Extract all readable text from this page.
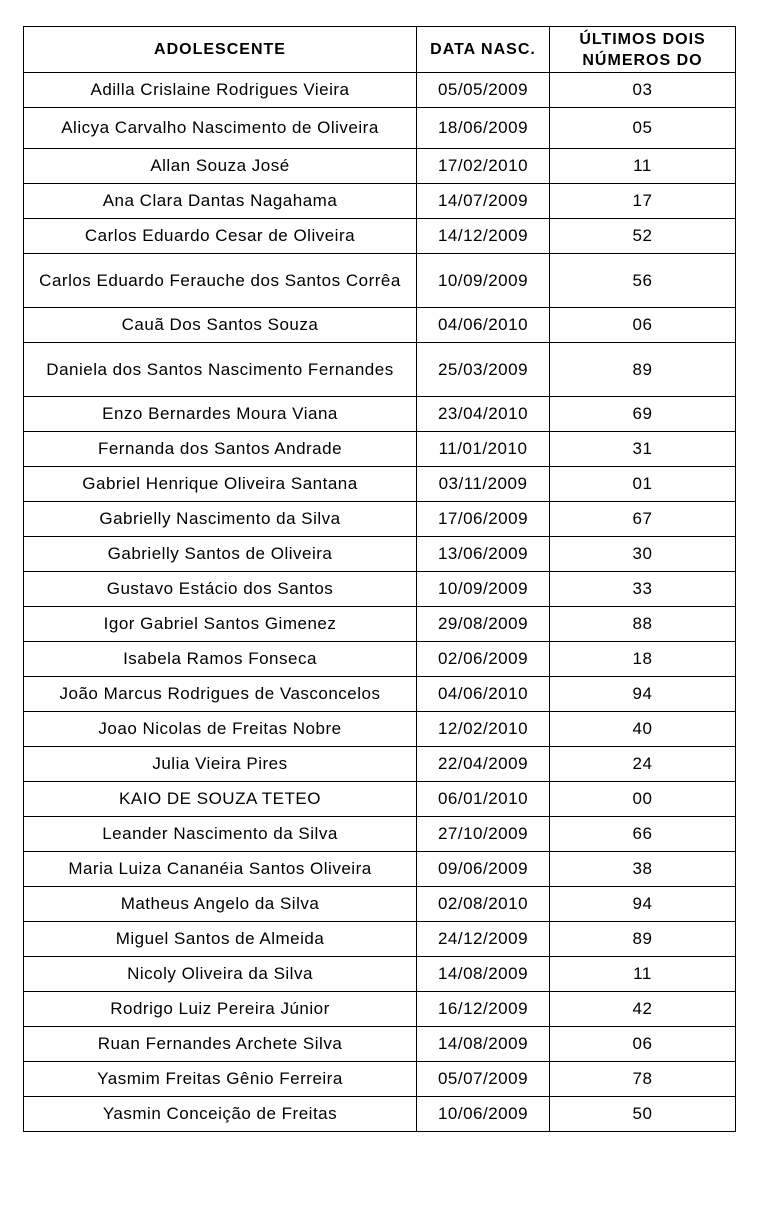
ADOLESCENTE	DATA NASC.	ÚLTIMOS DOIS
NÚMEROS DO
Adilla Crislaine Rodrigues Vieira	05/05/2009	03
Alicya Carvalho Nascimento de Oliveira	18/06/2009	05
Allan Souza José	17/02/2010	11
Ana Clara Dantas Nagahama	14/07/2009	17
Carlos Eduardo Cesar de Oliveira	14/12/2009	52
Carlos Eduardo Ferauche dos Santos Corrêa	10/09/2009	56
Cauã Dos Santos Souza	04/06/2010	06
Daniela dos Santos Nascimento Fernandes	25/03/2009	89
Enzo Bernardes Moura Viana	23/04/2010	69
Fernanda dos Santos Andrade	11/01/2010	31
Gabriel Henrique Oliveira Santana	03/11/2009	01
Gabrielly Nascimento da Silva	17/06/2009	67
Gabrielly Santos de Oliveira	13/06/2009	30
Gustavo Estácio dos Santos	10/09/2009	33
Igor Gabriel Santos Gimenez	29/08/2009	88
Isabela Ramos Fonseca	02/06/2009	18
João Marcus Rodrigues de Vasconcelos	04/06/2010	94
Joao Nicolas de Freitas Nobre	12/02/2010	40
Julia Vieira Pires	22/04/2009	24
KAIO DE SOUZA TETEO	06/01/2010	00
Leander Nascimento da Silva	27/10/2009	66
Maria Luiza Cananéia Santos Oliveira	09/06/2009	38
Matheus Angelo da Silva	02/08/2010	94
Miguel Santos de Almeida	24/12/2009	89
Nicoly Oliveira da Silva	14/08/2009	11
Rodrigo Luiz Pereira Júnior	16/12/2009	42
Ruan Fernandes Archete Silva	14/08/2009	06
Yasmim Freitas Gênio Ferreira	05/07/2009	78
Yasmin Conceição de Freitas	10/06/2009	50
